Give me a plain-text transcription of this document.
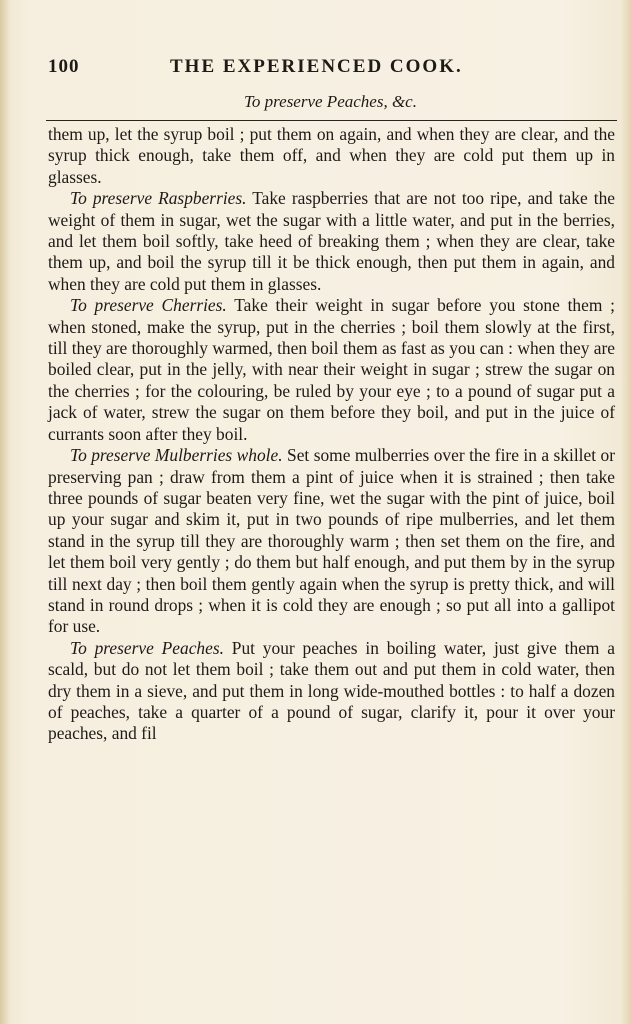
100	THE EXPERIENCED COOK.
To preserve Peaches, &c.

them up, let the syrup boil ; put them on again, and when they are clear, and the syrup thick enough, take them off, and when they are cold put them up in glasses.

To preserve Raspberries. Take raspberries that are not too ripe, and take the weight of them in sugar, wet the sugar with a little water, and put in the berries, and let them boil softly, take heed of breaking them ; when they are clear, take them up, and boil the syrup till it be thick enough, then put them in again, and when they are cold put them in glasses.

To preserve Cherries. Take their weight in sugar before you stone them ; when stoned, make the syrup, put in the cherries ; boil them slowly at the first, till they are thoroughly warmed, then boil them as fast as you can : when they are boiled clear, put in the jelly, with near their weight in sugar ; strew the sugar on the cherries ; for the colouring, be ruled by your eye ; to a pound of sugar put a jack of water, strew the sugar on them before they boil, and put in the juice of currants soon after they boil.

To preserve Mulberries whole. Set some mulberries over the fire in a skillet or preserving pan ; draw from them a pint of juice when it is strained ; then take three pounds of sugar beaten very fine, wet the sugar with the pint of juice, boil up your sugar and skim it, put in two pounds of ripe mulberries, and let them stand in the syrup till they are thoroughly warm ; then set them on the fire, and let them boil very gently ; do them but half enough, and put them by in the syrup till next day ; then boil them gently again when the syrup is pretty thick, and will stand in round drops ; when it is cold they are enough ; so put all into a gallipot for use.

To preserve Peaches. Put your peaches in boiling water, just give them a scald, but do not let them boil ; take them out and put them in cold water, then dry them in a sieve, and put them in long wide-mouthed bottles : to half a dozen of peaches, take a quarter of a pound of sugar, clarify it, pour it over your peaches, and fil
